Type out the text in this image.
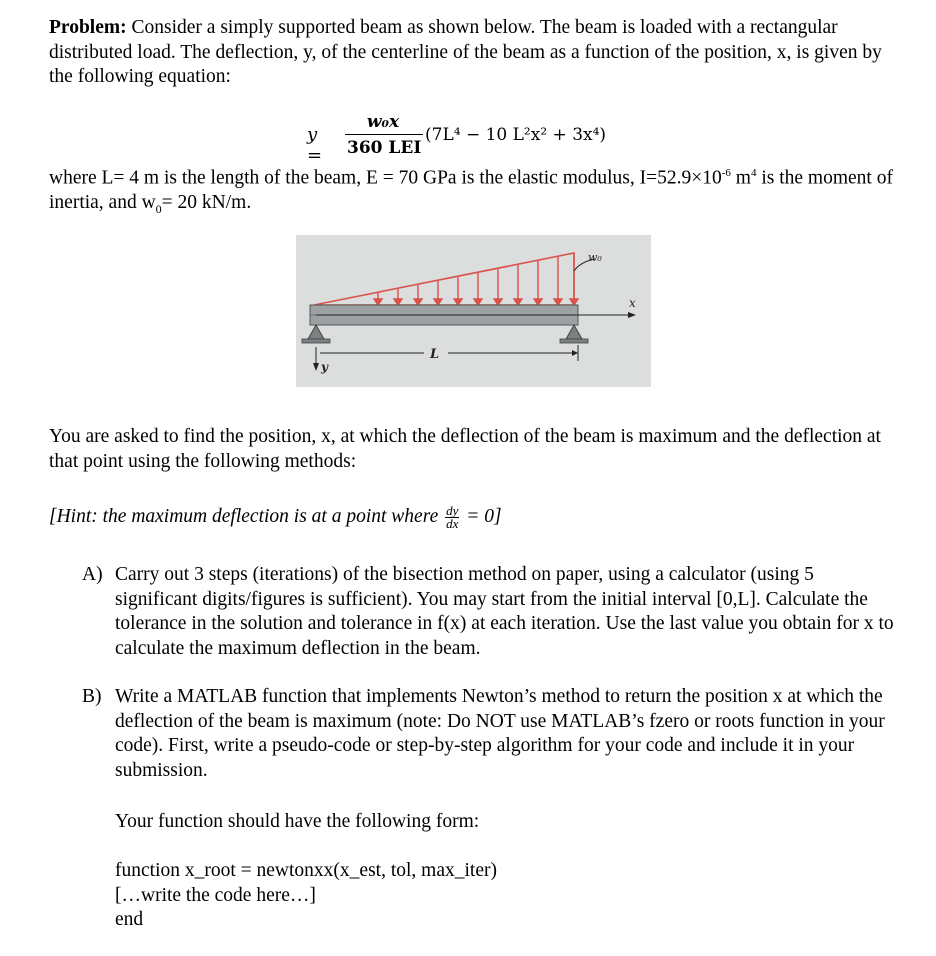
Problem: Consider a simply supported beam as shown below. The beam is loaded with a rectangular distributed load. The deflection, y, of the centerline of the beam as a function of the position, x, is given by the following equation:
y =
w₀x
360 LEI
(7L⁴ − 10 L²x² + 3x⁴)
where L= 4 m is the length of the beam, E = 70 GPa is the elastic modulus, $I=52.9\times 10^{-6}$ $m^4$ is the moment of inertia, and $w_0= 20$ kN/m.
w₀
x
L
y
You are asked to find the position, x, at which the deflection of the beam is maximum and the deflection at that point using the following methods:
[Hint: the maximum deflection is at a point where $\frac{dy}{dx} = 0$]
A) Carry out 3 steps (iterations) of the bisection method on paper, using a calculator (using 5 significant digits/figures is sufficient). You may start from the initial interval [0,L]. Calculate the tolerance in the solution and tolerance in f(x) at each iteration. Use the last value you obtain for x to calculate the maximum deflection in the beam.
B) Write a MATLAB function that implements Newton’s method to return the position x at which the deflection of the beam is maximum (note: Do NOT use MATLAB’s fzero or roots function in your code). First, write a pseudo-code or step-by-step algorithm for your code and include it in your submission.
Your function should have the following form:
function x_root = newtonxx(x_est, tol, max_iter)
[…write the code here…]
end
